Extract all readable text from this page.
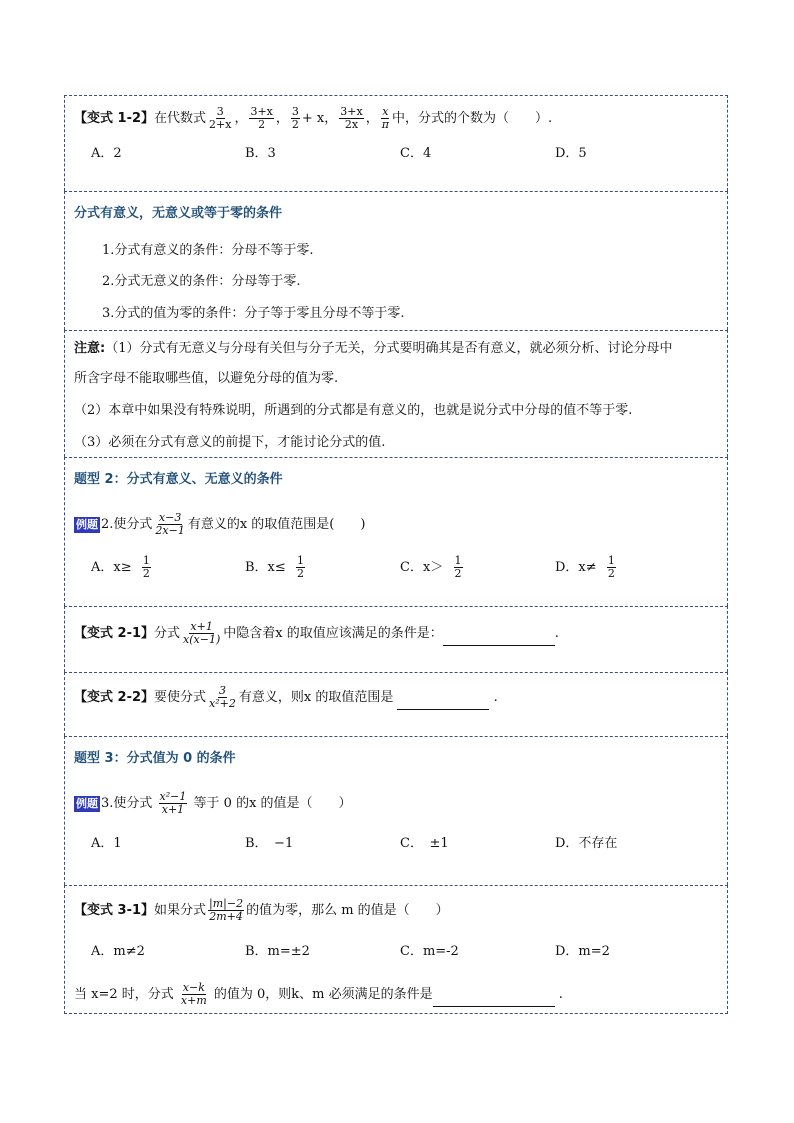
【变式 1-2】在代数式 $\frac{3}{2+x}$ ， $\frac{3+x}{2}$ ， $\frac{3}{2} + x$， $\frac{3+x}{2x}$ ， $\frac{x}{\pi}$ 中，分式的个数为（　　）.
A．2	B．3	C．4	D．5
分式有意义，无意义或等于零的条件
1.分式有意义的条件：分母不等于零.
2.分式无意义的条件：分母等于零.
3.分式的值为零的条件：分子等于零且分母不等于零.
注意:（1）分式有无意义与分母有关但与分子无关，分式要明确其是否有意义，就必须分析、讨论分母中
所含字母不能取哪些值，以避免分母的值为零.
（2）本章中如果没有特殊说明，所遇到的分式都是有意义的，也就是说分式中分母的值不等于零.
（3）必须在分式有意义的前提下，才能讨论分式的值.
题型 2：分式有意义、无意义的条件
例题 2.使分式 $\frac{x-3}{2x-1}$ 有意义的x 的取值范围是(　　)
A．$x\ge \frac{1}{2}$	B．$x\le \frac{1}{2}$	C．$x> \frac{1}{2}$	D．$x\ne \frac{1}{2}$
【变式 2-1】分式 $\frac{x+1}{x(x-1)}$ 中隐含着x 的取值应该满足的条件是：	.
【变式 2-2】要使分式 $\frac{3}{\text{x²+2}}$ 有意义，则x 的取值范围是	.
题型 3：分式值为 0 的条件
例题 3.使分式 $\frac{\text{x²−1}}{x+1}$ 等于 0 的x 的值是（　　）
A．1	B．　−1	C．　±1	D．不存在
【变式 3-1】如果分式 $\frac{|m|-2}{2m+4}$ 的值为零，那么 m 的值是（　　）
A．m≠2	B．m=±2	C．m=-2	D．m=2
当 x=2 时，分式 $\frac{x-k}{x+m}$ 的值为 0，则k、m 必须满足的条件是	.
